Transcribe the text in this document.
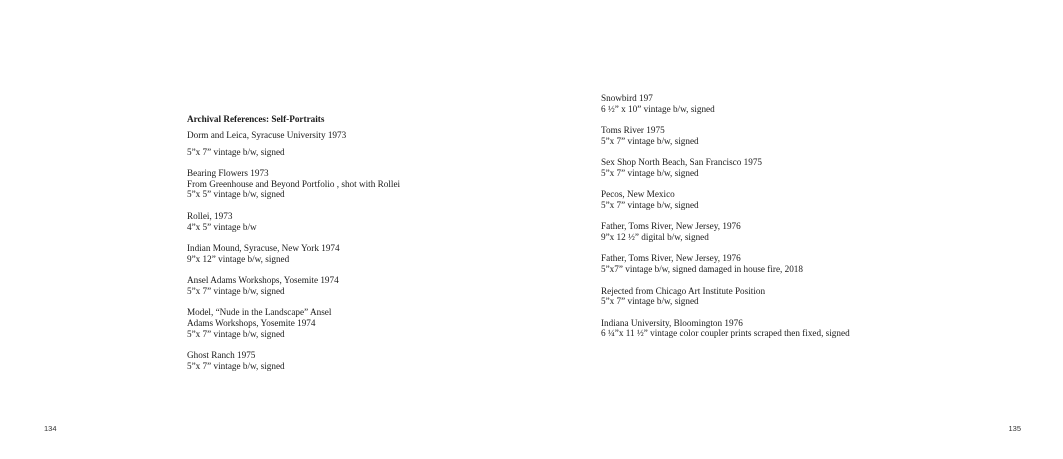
Archival References: Self-Portraits
Dorm and Leica, Syracuse University 1973
5”x 7” vintage b/w, signed
Bearing Flowers 1973
From Greenhouse and Beyond Portfolio , shot with Rollei
5”x 5” vintage b/w, signed
Rollei, 1973
4”x 5” vintage b/w
Indian Mound, Syracuse, New York 1974
9”x 12” vintage b/w, signed
Ansel Adams Workshops, Yosemite 1974
5”x 7” vintage b/w, signed
Model, “Nude in the Landscape” Ansel
Adams Workshops, Yosemite 1974
5”x 7” vintage b/w, signed
Ghost Ranch 1975
5”x 7” vintage b/w, signed
134
Snowbird 197
6 ½” x 10” vintage b/w, signed
Toms River 1975
5”x 7” vintage b/w, signed
Sex Shop North Beach, San Francisco 1975
5”x 7” vintage b/w, signed
Pecos, New Mexico
5”x 7” vintage b/w, signed
Father, Toms River, New Jersey, 1976
9”x 12 ½” digital b/w, signed
Father, Toms River, New Jersey, 1976
5”x7” vintage b/w, signed damaged in house fire, 2018
Rejected from Chicago Art Institute Position
5”x 7” vintage b/w, signed
Indiana University, Bloomington 1976
6 ¼”x 11 ½” vintage color coupler prints scraped then fixed, signed
135
